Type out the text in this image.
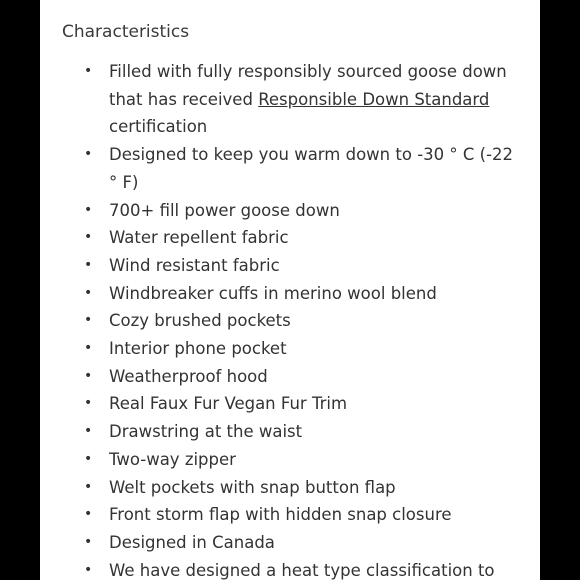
Characteristics
• Filled with fully responsibly sourced goose down that has received Responsible Down Standard certification
• Designed to keep you warm down to -30 ° C (-22 ° F)
• 700+ fill power goose down
• Water repellent fabric
• Wind resistant fabric
• Windbreaker cuffs in merino wool blend
• Cozy brushed pockets
• Interior phone pocket
• Weatherproof hood
• Real Faux Fur Vegan Fur Trim
• Drawstring at the waist
• Two-way zipper
• Welt pockets with snap button flap
• Front storm flap with hidden snap closure
• Designed in Canada
• We have designed a heat type classification to
